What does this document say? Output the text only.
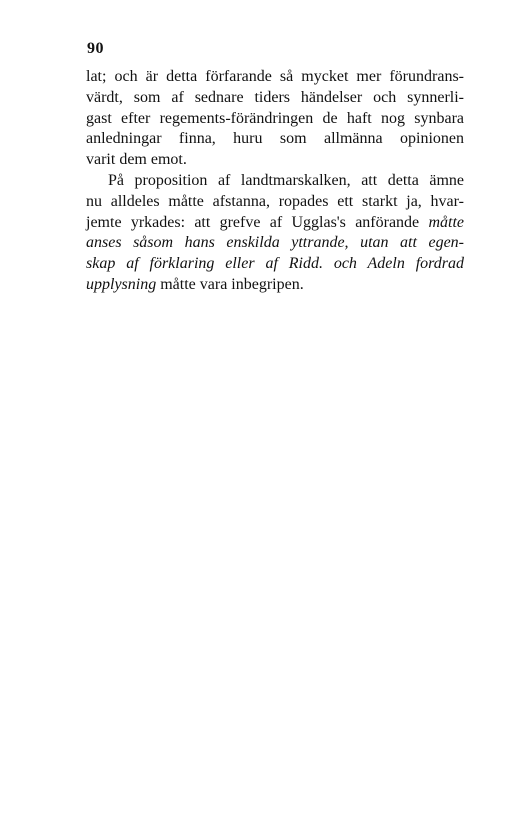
90
lat; och är detta förfarande så mycket mer förundrans-
värdt, som af sednare tiders händelser och synnerli-
gast efter regements-förändringen de haft nog synbara
anledningar finna, huru som allmänna opinionen
varit dem emot.
På proposition af landtmarskalken, att detta ämne
nu alldeles måtte afstanna, ropades ett starkt ja, hvar-
jemte yrkades: att grefve af Ugglas's anförande måtte
anses såsom hans enskilda yttrande, utan att egen-
skap af förklaring eller af Ridd. och Adeln fordrad
upplysning måtte vara inbegripen.
